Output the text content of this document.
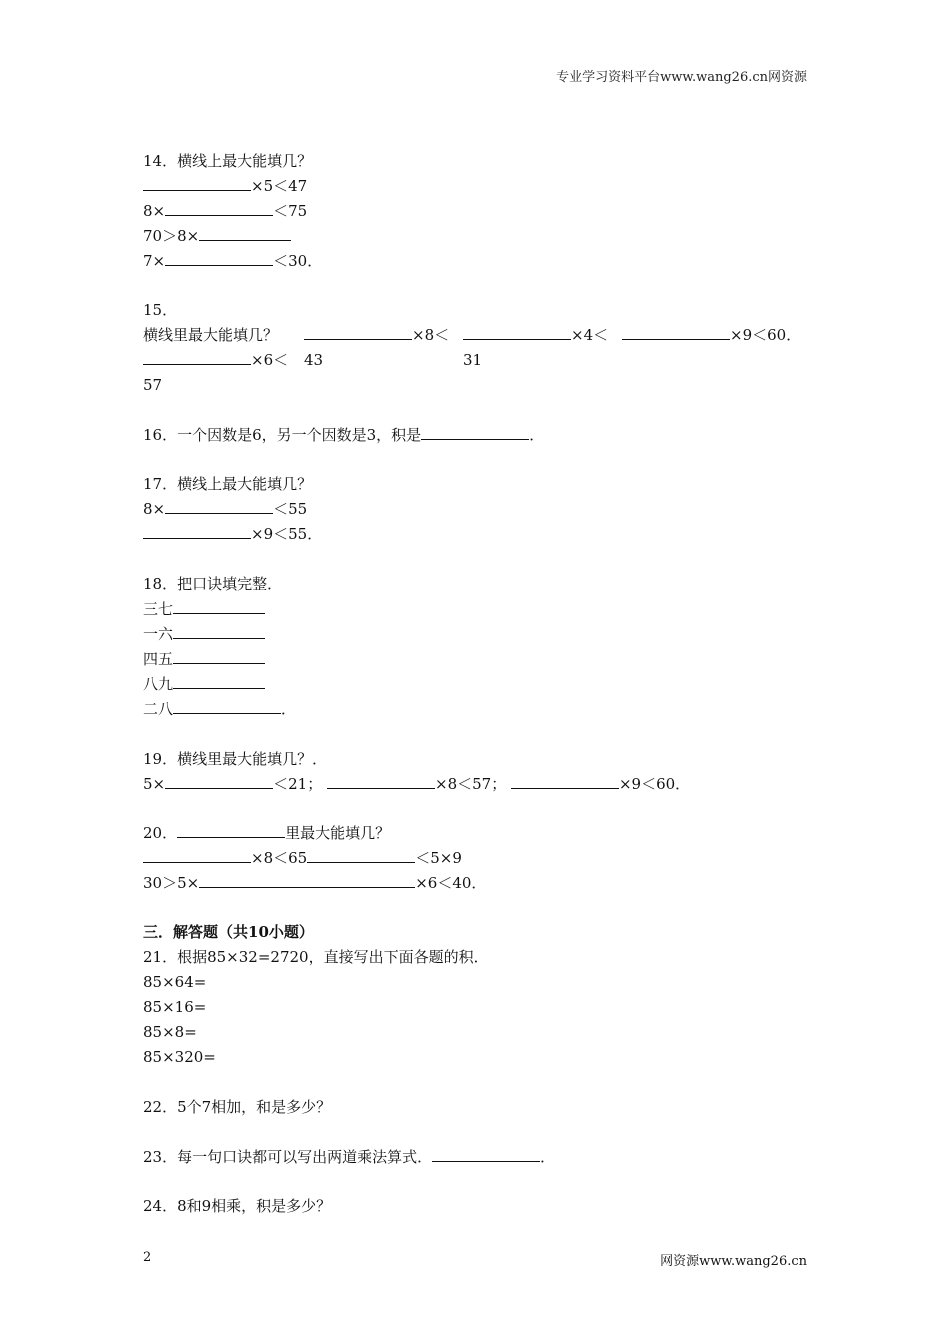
专业学习资料平台www.wang26.cn网资源
14．横线上最大能填几？
×5＜47
8×	＜75
70＞8×
7×	＜30．
15．
横线里最大能填几？	×8＜	×4＜	×9＜60．
×6＜ 43	31
57
16．一个因数是6，另一个因数是3，积是	．
17．横线上最大能填几？
8×	＜55
×9＜55．
18．把口诀填完整．
三七
一六
四五
八九
二八	．
19．横线里最大能填几？．
5×	＜21；	×8＜57；	×9＜60．
20．	里最大能填几？
×8＜65	＜5×9
30＞5×	×6＜40．
三．解答题（共10小题）
21．根据85×32=2720，直接写出下面各题的积．
85×64=
85×16=
85×8=
85×320=
22．5个7相加，和是多少？
23．每一句口诀都可以写出两道乘法算式．	．
24．8和9相乘，积是多少？
2	网资源www.wang26.cn
